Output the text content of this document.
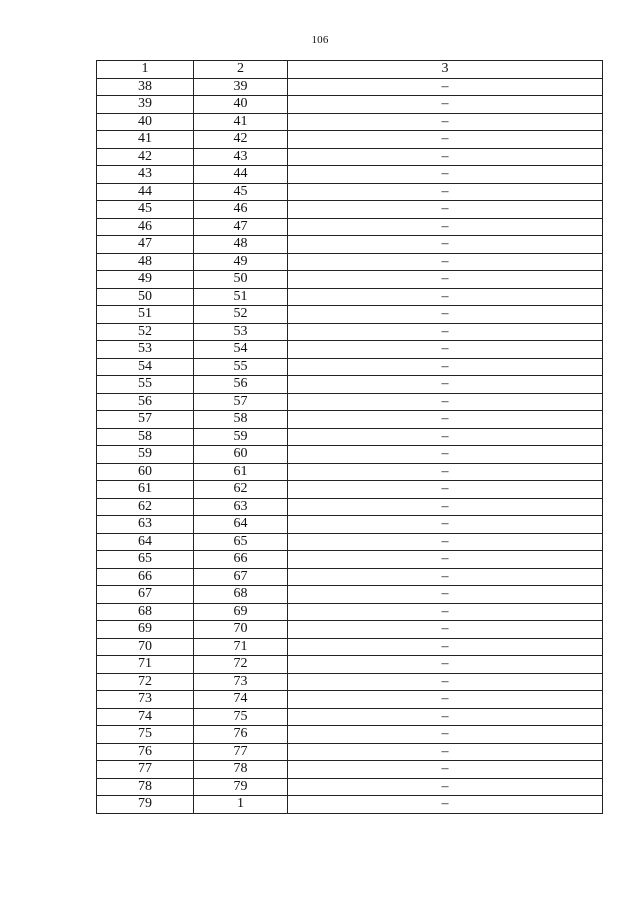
106
1	2	3
38	39	–
39	40	–
40	41	–
41	42	–
42	43	–
43	44	–
44	45	–
45	46	–
46	47	–
47	48	–
48	49	–
49	50	–
50	51	–
51	52	–
52	53	–
53	54	–
54	55	–
55	56	–
56	57	–
57	58	–
58	59	–
59	60	–
60	61	–
61	62	–
62	63	–
63	64	–
64	65	–
65	66	–
66	67	–
67	68	–
68	69	–
69	70	–
70	71	–
71	72	–
72	73	–
73	74	–
74	75	–
75	76	–
76	77	–
77	78	–
78	79	–
79	1	–
